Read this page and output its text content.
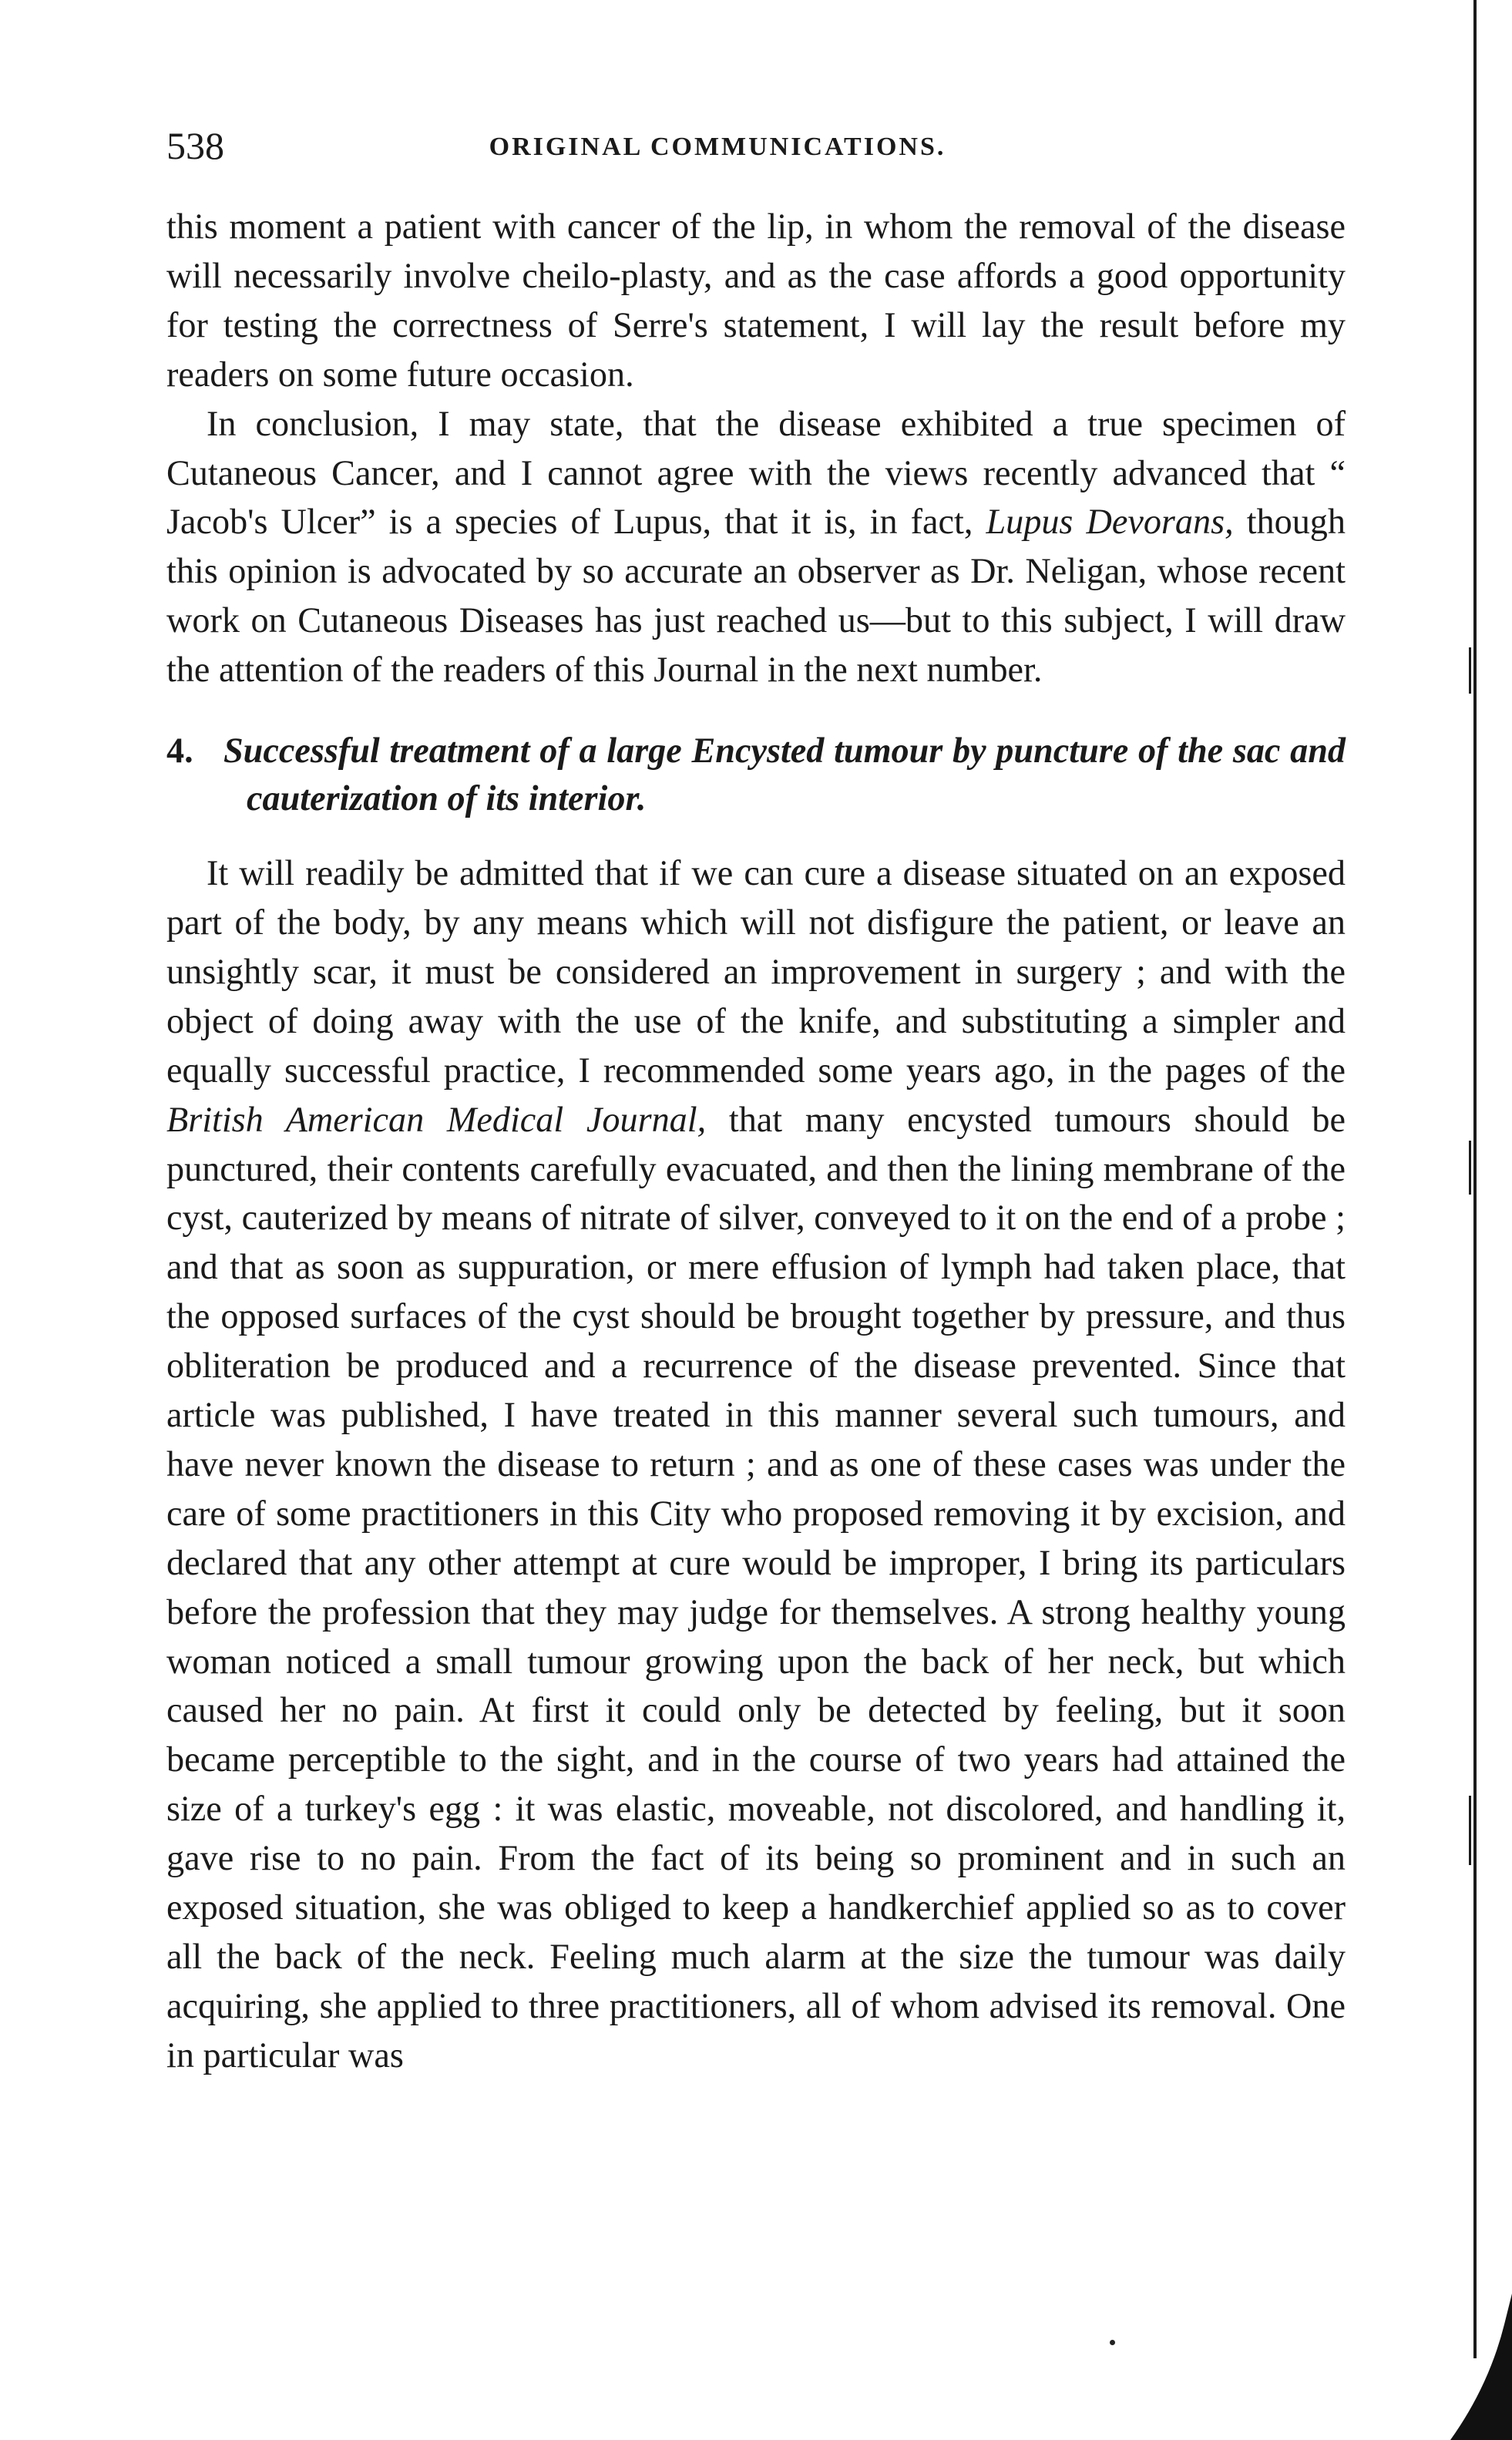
538	ORIGINAL COMMUNICATIONS.

this moment a patient with cancer of the lip, in whom the removal of the disease will necessarily involve cheilo-plasty, and as the case affords a good opportunity for testing the correctness of Serre's statement, I will lay the result before my readers on some future occasion.

In conclusion, I may state, that the disease exhibited a true specimen of Cutaneous Cancer, and I cannot agree with the views recently advanced that “ Jacob's Ulcer” is a species of Lupus, that it is, in fact, Lupus Devorans, though this opinion is advocated by so accurate an observer as Dr. Neligan, whose recent work on Cutaneous Diseases has just reached us—but to this subject, I will draw the attention of the readers of this Journal in the next number.

4. Successful treatment of a large Encysted tumour by puncture of the sac and cauterization of its interior.

It will readily be admitted that if we can cure a disease situated on an exposed part of the body, by any means which will not disfigure the patient, or leave an unsightly scar, it must be considered an improvement in surgery ; and with the object of doing away with the use of the knife, and substituting a simpler and equally successful practice, I recommended some years ago, in the pages of the British American Medical Journal, that many encysted tumours should be punctured, their contents carefully evacuated, and then the lining membrane of the cyst, cauterized by means of nitrate of silver, conveyed to it on the end of a probe ; and that as soon as suppuration, or mere effusion of lymph had taken place, that the opposed surfaces of the cyst should be brought together by pressure, and thus obliteration be produced and a recurrence of the disease prevented. Since that article was published, I have treated in this manner several such tumours, and have never known the disease to return ; and as one of these cases was under the care of some practitioners in this City who proposed removing it by excision, and declared that any other attempt at cure would be improper, I bring its particulars before the profession that they may judge for themselves. A strong healthy young woman noticed a small tumour growing upon the back of her neck, but which caused her no pain. At first it could only be detected by feeling, but it soon became perceptible to the sight, and in the course of two years had attained the size of a turkey's egg : it was elastic, moveable, not discolored, and handling it, gave rise to no pain. From the fact of its being so prominent and in such an exposed situation, she was obliged to keep a handkerchief applied so as to cover all the back of the neck. Feeling much alarm at the size the tumour was daily acquiring, she applied to three practitioners, all of whom advised its removal. One in particular was
